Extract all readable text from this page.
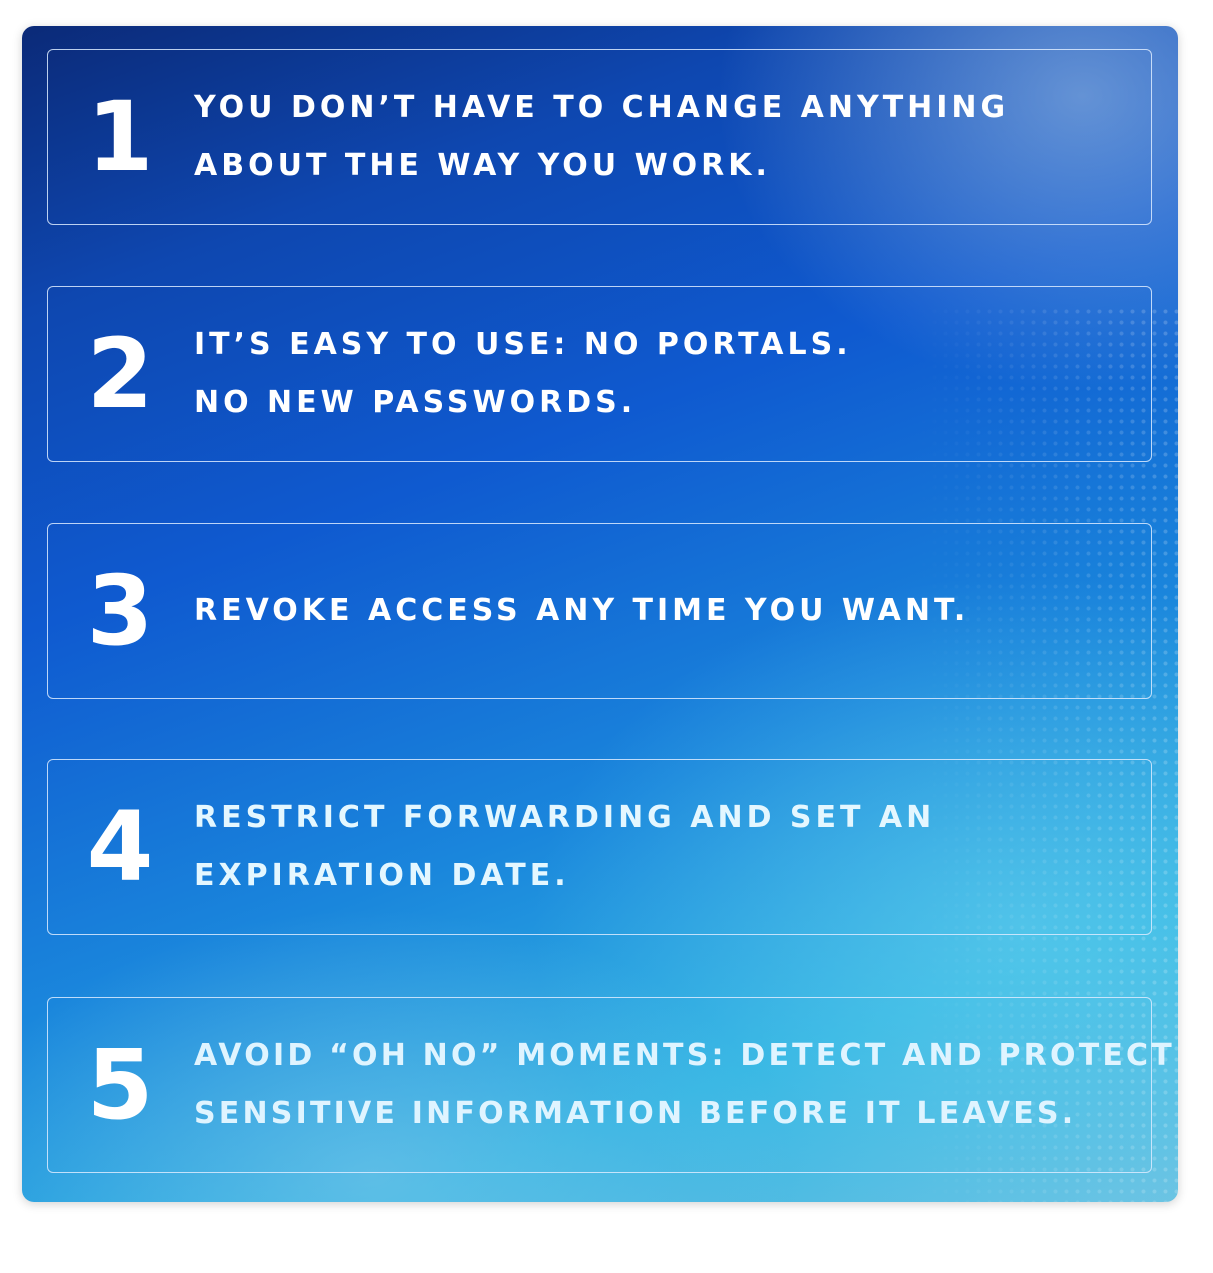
1 YOU DON’T HAVE TO CHANGE ANYTHING
ABOUT THE WAY YOU WORK.
2 IT’S EASY TO USE: NO PORTALS.
NO NEW PASSWORDS.
3 REVOKE ACCESS ANY TIME YOU WANT.
4 RESTRICT FORWARDING AND SET AN
EXPIRATION DATE.
5 AVOID “OH NO” MOMENTS: DETECT AND PROTECT
SENSITIVE INFORMATION BEFORE IT LEAVES.
